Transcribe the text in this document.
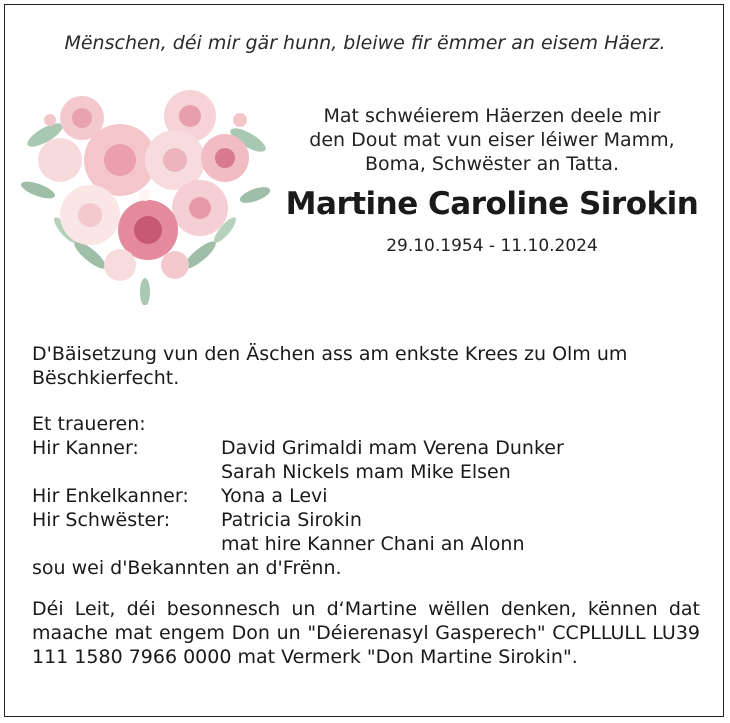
Mënschen, déi mir gär hunn, bleiwe fir ëmmer an eisem Häerz.
Mat schwéierem Häerzen deele mir
den Dout mat vun eiser léiwer Mamm,
Boma, Schwëster an Tatta.
Martine Caroline Sirokin
29.10.1954 - 11.10.2024
D'Bäisetzung vun den Äschen ass am enkste Krees zu Olm um Bëschkierfecht.
Et traueren:
Hir Kanner:	David Grimaldi mam Verena Dunker
Sarah Nickels mam Mike Elsen
Hir Enkelkanner:	Yona a Levi
Hir Schwëster:	Patricia Sirokin
mat hire Kanner Chani an Alonn
sou wei d'Bekannten an d'Frënn.
Déi Leit, déi besonnesch un d‘Martine wëllen denken, kënnen dat maache mat engem Don un "Déierenasyl Gasperech" CCPLLULL LU39 111 1580 7966 0000 mat Vermerk "Don Martine Sirokin".
